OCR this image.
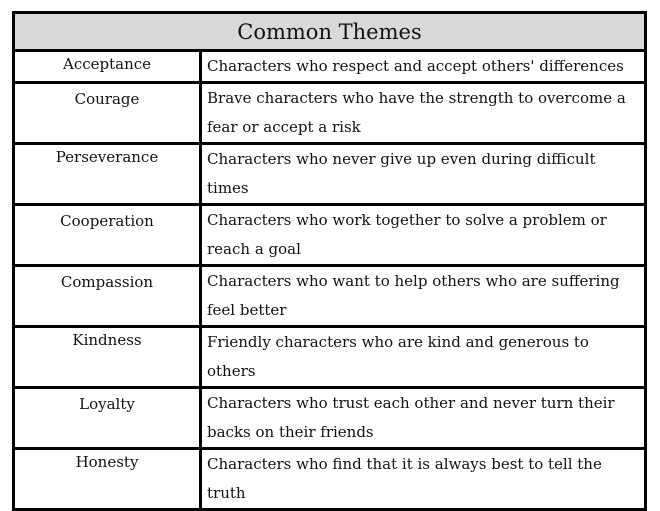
Common Themes	
Acceptance	Characters who respect and accept others' differences
Courage	Brave characters who have the strength to overcome a fear or accept a risk
Perseverance	Characters who never give up even during difficult times
Cooperation	Characters who work together to solve a problem or reach a goal
Compassion	Characters who want to help others who are suffering feel better
Kindness	Friendly characters who are kind and generous to others
Loyalty	Characters who trust each other and never turn their backs on their friends
Honesty	Characters who find that it is always best to tell the truth
